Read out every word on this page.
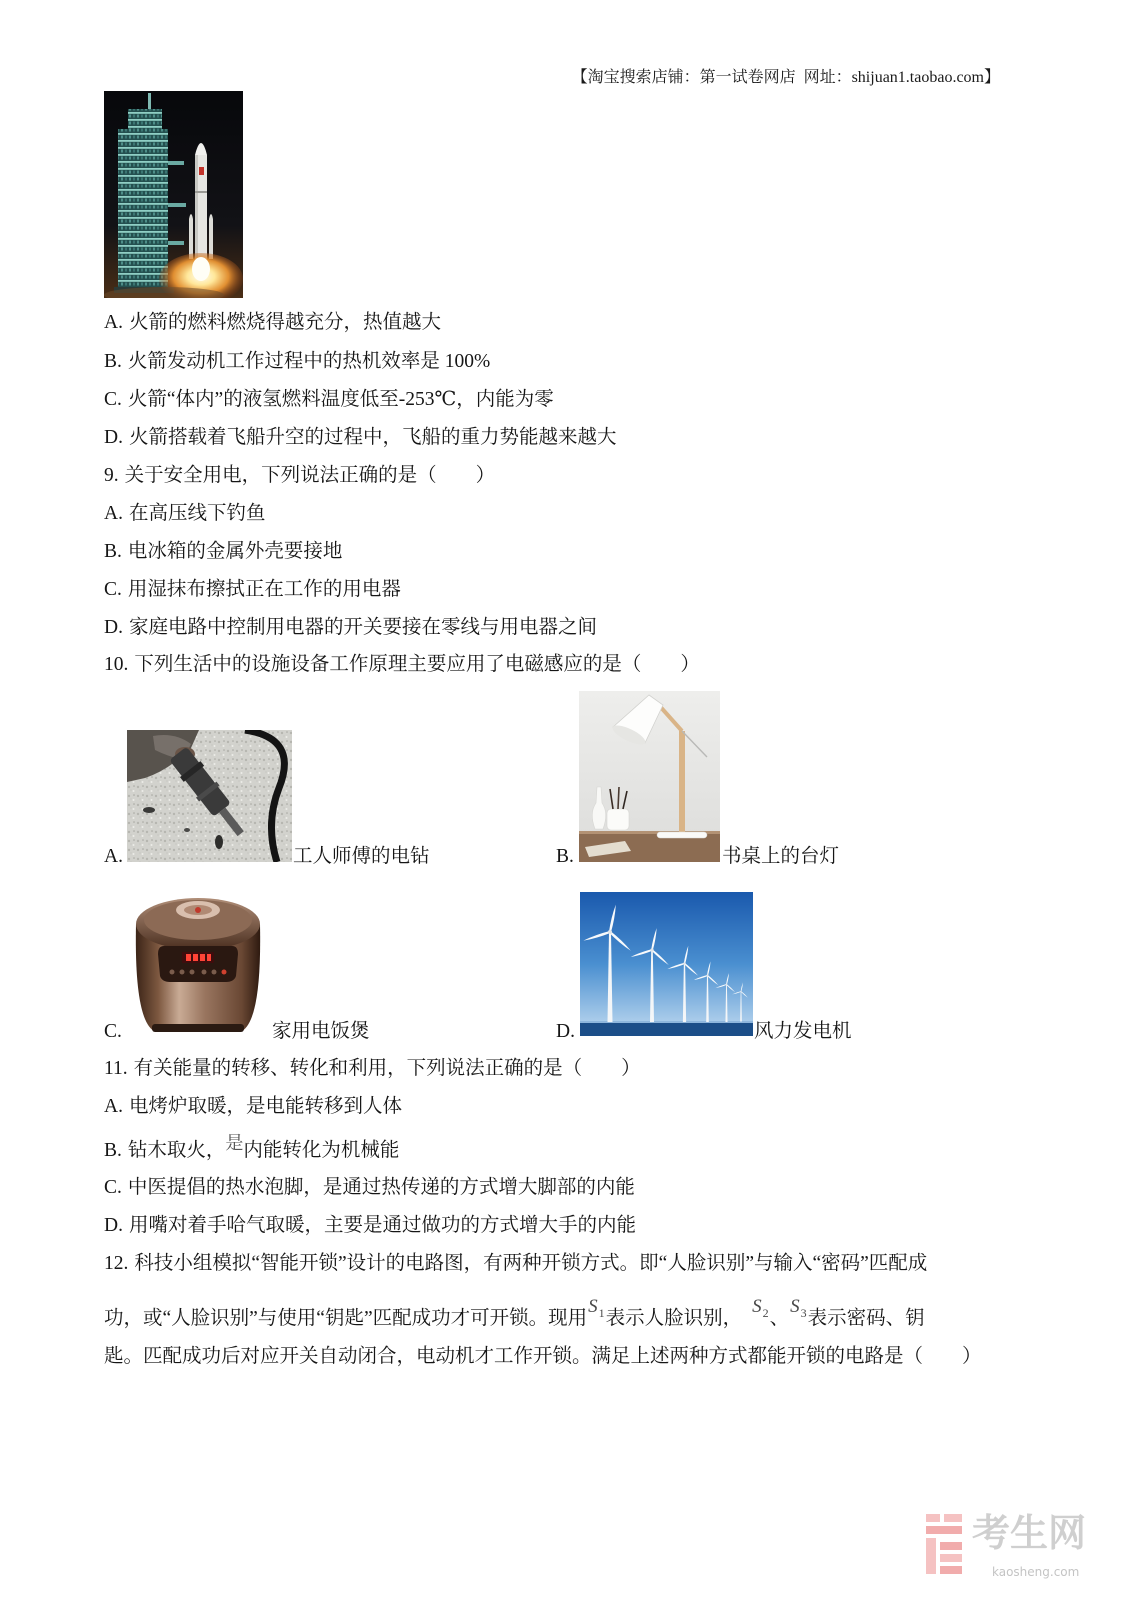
【淘宝搜索店铺：第一试卷网店  网址：shijuan1.taobao.com】
A. 火箭的燃料燃烧得越充分，热值越大
B. 火箭发动机工作过程中的热机效率是 100%
C. 火箭“体内”的液氢燃料温度低至-253℃，内能为零
D. 火箭搭载着飞船升空的过程中，飞船的重力势能越来越大
9. 关于安全用电，下列说法正确的是（　　）
A. 在高压线下钓鱼
B. 电冰箱的金属外壳要接地
C. 用湿抹布擦拭正在工作的用电器
D. 家庭电路中控制用电器的开关要接在零线与用电器之间
10. 下列生活中的设施设备工作原理主要应用了电磁感应的是（　　）
A.	工人师傅的电钻	B.	书桌上的台灯
C.	家用电饭煲	D.	风力发电机
11. 有关能量的转移、转化和利用，下列说法正确的是（　　）
A. 电烤炉取暖，是电能转移到人体
B. 钻木取火，是内能转化为机械能
C. 中医提倡的热水泡脚，是通过热传递的方式增大脚部的内能
D. 用嘴对着手哈气取暖，主要是通过做功的方式增大手的内能
12. 科技小组模拟“智能开锁”设计的电路图，有两种开锁方式。即“人脸识别”与输入“密码”匹配成
功，或“人脸识别”与使用“钥匙”匹配成功才可开锁。现用$S_1$表示人脸识别，$S_2$、$S_3$表示密码、钥
匙。匹配成功后对应开关自动闭合，电动机才工作开锁。满足上述两种方式都能开锁的电路是（　　）
考生网
kaosheng.com
